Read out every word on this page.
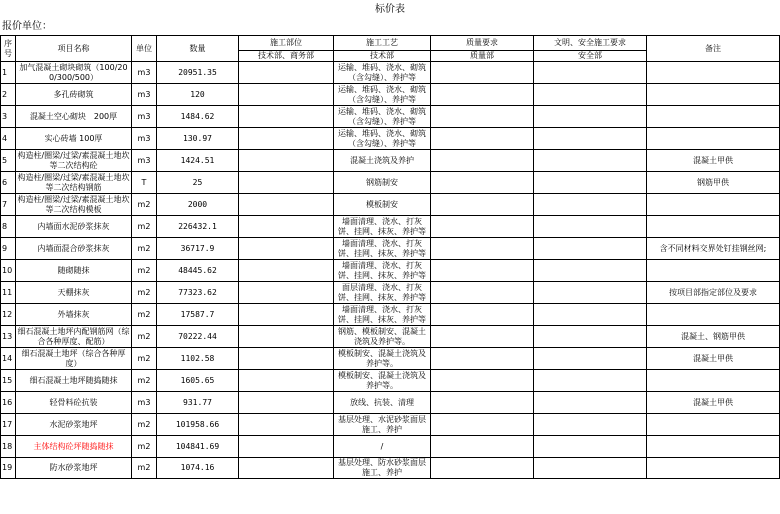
标价表
报价单位：
序号	项目名称	单位	数量	施工部位	施工工艺	质量要求	文明、安全施工要求	备注
				技术部、商务部	技术部	质量部	安全部	
1	加气混凝土砌块砌筑（100/200/300/500）	m3	20951.35		运输、堆码、浇水、砌筑（含勾缝）、养护等			
2	多孔砖砌筑	m3	120		运输、堆码、浇水、砌筑（含勾缝）、养护等			
3	混凝土空心砌块　200厚	m3	1484.62		运输、堆码、浇水、砌筑（含勾缝）、养护等			
4	实心砖墙 100厚	m3	130.97		运输、堆码、浇水、砌筑（含勾缝）、养护等			
5	构造柱/圈梁/过梁/素混凝土地坎等二次结构砼	m3	1424.51		混凝土浇筑及养护			混凝土甲供
6	构造柱/圈梁/过梁/素混凝土地坎等二次结构钢筋	T	25		钢筋制安			钢筋甲供
7	构造柱/圈梁/过梁/素混凝土地坎等二次结构模板	m2	2000		模板制安			
8	内墙面水泥砂浆抹灰	m2	226432.1		墙面清理、浇水、打灰饼、挂网、抹灰、养护等			
9	内墙面混合砂浆抹灰	m2	36717.9		墙面清理、浇水、打灰饼、挂网、抹灰、养护等			含不同材料交界处钉挂钢丝网;
10	随砌随抹	m2	48445.62		墙面清理、浇水、打灰饼、挂网、抹灰、养护等			
11	天棚抹灰	m2	77323.62		面层清理、浇水、打灰饼、挂网、抹灰、养护等			按项目部指定部位及要求
12	外墙抹灰	m2	17587.7		墙面清理、浇水、打灰饼、挂网、抹灰、养护等			
13	细石混凝土地坪内配钢筋网（综合各种厚度、配筋）	m2	70222.44		钢筋、模板制安、混凝土浇筑及养护等。			混凝土、钢筋甲供
14	细石混凝土地坪（综合各种厚度）	m2	1102.58		模板制安、混凝土浇筑及养护等。			混凝土甲供
15	细石混凝土地坪随捣随抹	m2	1605.65		模板制安、混凝土浇筑及养护等。			
16	轻骨料砼抗装	m3	931.77		放线、抗装、清理			混凝土甲供
17	水泥砂浆地坪	m2	101958.66		基层处理、水泥砂浆面层施工、养护			
18	主体结构砼坪随捣随抹	m2	104841.69		/			
19	防水砂浆地坪	m2	1074.16		基层处理、防水砂浆面层施工、养护			
